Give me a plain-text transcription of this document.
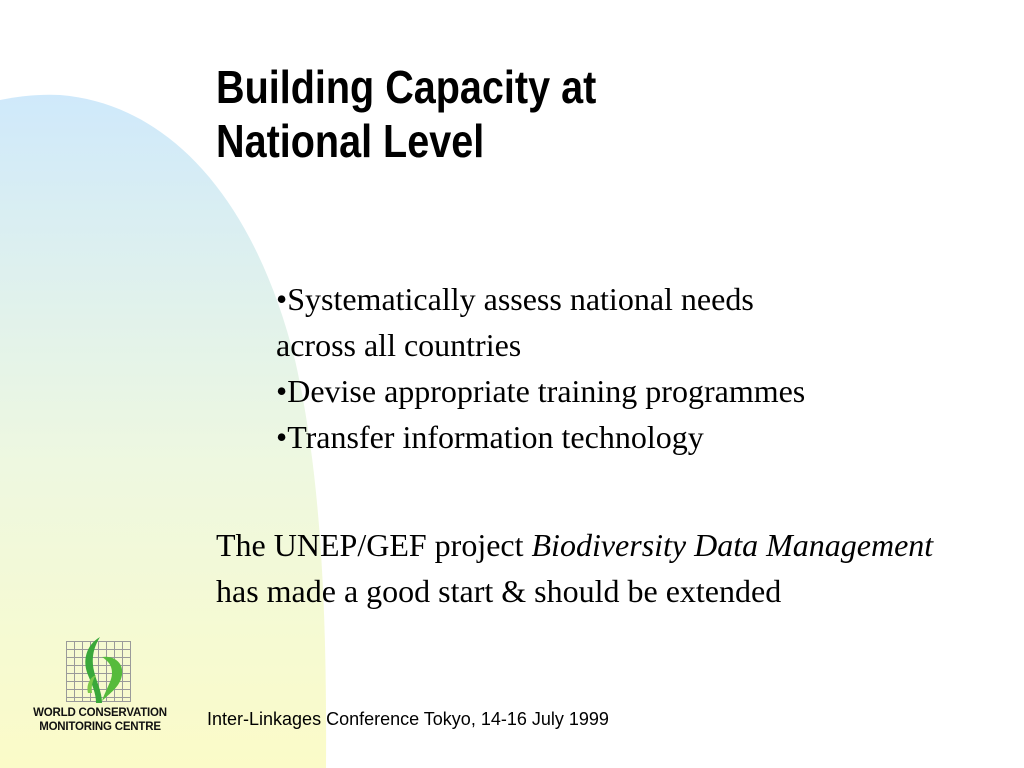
Building Capacity at
National Level
•Systematically assess national needs
across all countries
•Devise appropriate training programmes
•Transfer information technology

The UNEP/GEF project Biodiversity Data Management has made a good start & should be extended

WORLD CONSERVATION
MONITORING CENTRE	Inter-Linkages Conference Tokyo, 14-16 July 1999
